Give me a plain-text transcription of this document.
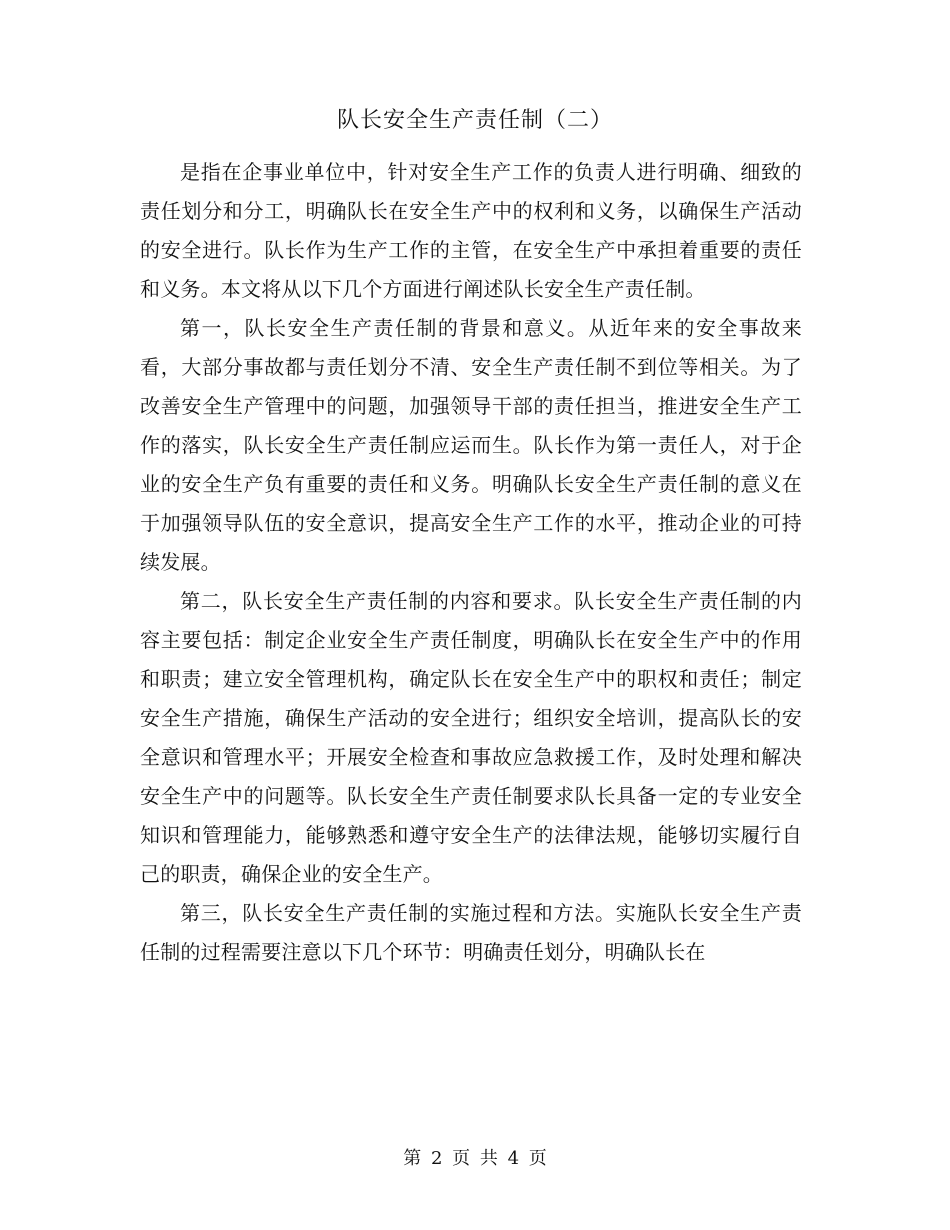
队长安全生产责任制（二）

是指在企事业单位中，针对安全生产工作的负责人进行明确、细致的责任划分和分工，明确队长在安全生产中的权利和义务，以确保生产活动的安全进行。队长作为生产工作的主管，在安全生产中承担着重要的责任和义务。本文将从以下几个方面进行阐述队长安全生产责任制。

第一，队长安全生产责任制的背景和意义。从近年来的安全事故来看，大部分事故都与责任划分不清、安全生产责任制不到位等相关。为了改善安全生产管理中的问题，加强领导干部的责任担当，推进安全生产工作的落实，队长安全生产责任制应运而生。队长作为第一责任人，对于企业的安全生产负有重要的责任和义务。明确队长安全生产责任制的意义在于加强领导队伍的安全意识，提高安全生产工作的水平，推动企业的可持续发展。

第二，队长安全生产责任制的内容和要求。队长安全生产责任制的内容主要包括：制定企业安全生产责任制度，明确队长在安全生产中的作用和职责；建立安全管理机构，确定队长在安全生产中的职权和责任；制定安全生产措施，确保生产活动的安全进行；组织安全培训，提高队长的安全意识和管理水平；开展安全检查和事故应急救援工作，及时处理和解决安全生产中的问题等。队长安全生产责任制要求队长具备一定的专业安全知识和管理能力，能够熟悉和遵守安全生产的法律法规，能够切实履行自己的职责，确保企业的安全生产。

第三，队长安全生产责任制的实施过程和方法。实施队长安全生产责任制的过程需要注意以下几个环节：明确责任划分，明确队长在

第 2 页 共 4 页
